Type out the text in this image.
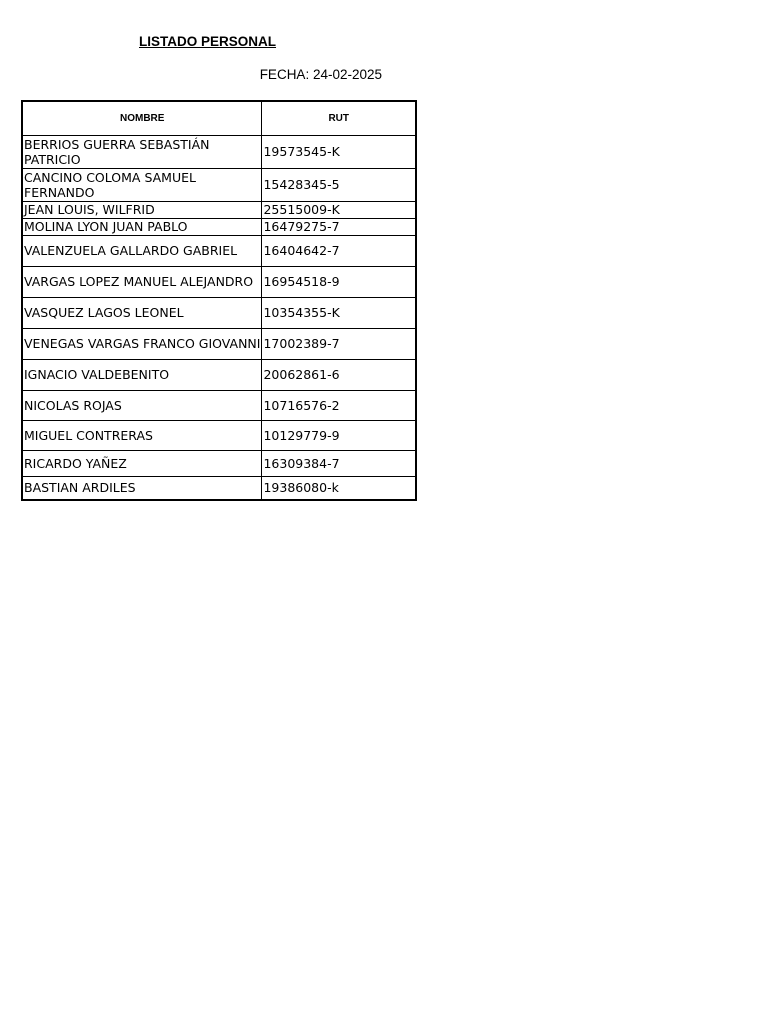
LISTADO PERSONAL
FECHA: 24-02-2025
NOMBRE	RUT
BERRIOS GUERRA SEBASTIÁN PATRICIO	19573545-K
CANCINO COLOMA SAMUEL FERNANDO	15428345-5
JEAN LOUIS, WILFRID	25515009-K
MOLINA LYON JUAN PABLO	16479275-7
VALENZUELA GALLARDO GABRIEL	16404642-7
VARGAS LOPEZ MANUEL ALEJANDRO	16954518-9
VASQUEZ LAGOS LEONEL	10354355-K
VENEGAS VARGAS FRANCO GIOVANNI	17002389-7
IGNACIO VALDEBENITO	20062861-6
NICOLAS ROJAS	10716576-2
MIGUEL CONTRERAS	10129779-9
RICARDO YAÑEZ	16309384-7
BASTIAN ARDILES	19386080-k
